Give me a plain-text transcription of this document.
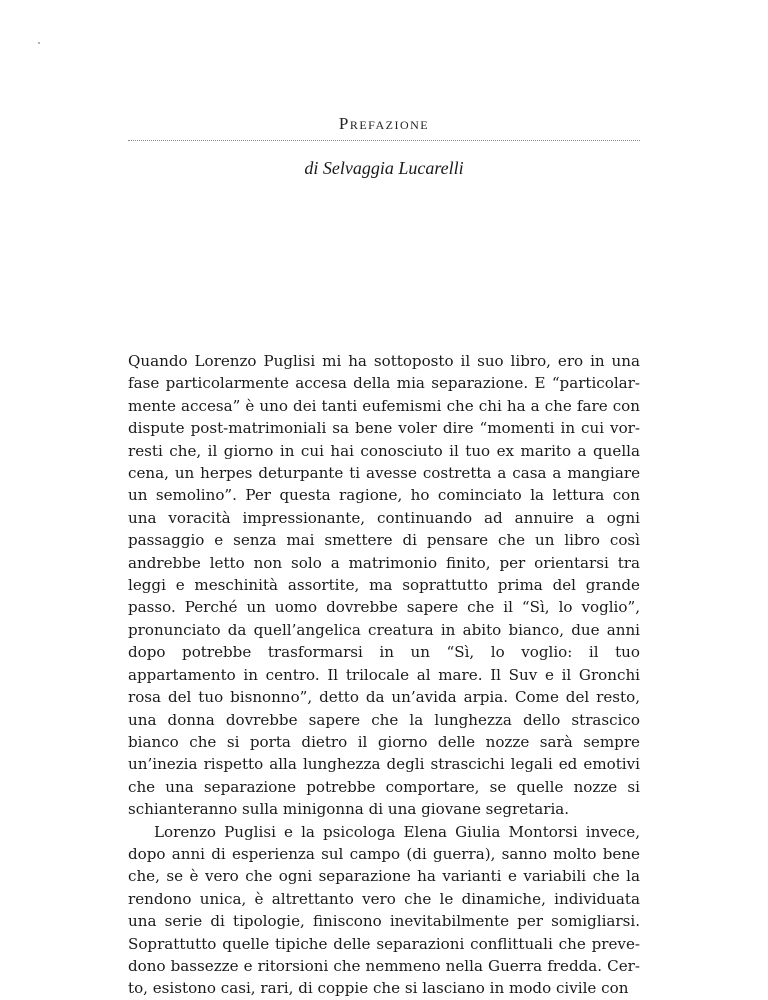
Prefazione
di Selvaggia Lucarelli

Quando Lorenzo Puglisi mi ha sottoposto il suo libro, ero in una fase particolarmente accesa della mia separazione. E “particolarmente accesa” è uno dei tanti eufemismi che chi ha a che fare con dispute post-matrimoniali sa bene voler dire “momenti in cui vorresti che, il giorno in cui hai conosciuto il tuo ex marito a quella cena, un herpes deturpante ti avesse costretta a casa a mangiare un semolino”. Per questa ragione, ho cominciato la lettura con una voracità impressionante, continuando ad annuire a ogni passaggio e senza mai smettere di pensare che un libro così andrebbe letto non solo a matrimonio finito, per orientarsi tra leggi e meschinità assortite, ma soprattutto prima del grande passo. Perché un uomo dovrebbe sapere che il “Sì, lo voglio”, pronunciato da quell’angelica creatura in abito bianco, due anni dopo potrebbe trasformarsi in un “Sì, lo voglio: il tuo appartamento in centro. Il trilocale al mare. Il Suv e il Gronchi rosa del tuo bisnonno”, detto da un’avida arpia. Come del resto, una donna dovrebbe sapere che la lunghezza dello strascico bianco che si porta dietro il giorno delle nozze sarà sempre un’inezia rispetto alla lunghezza degli strascichi legali ed emotivi che una separazione potrebbe comportare, se quelle nozze si schianteranno sulla minigonna di una giovane segretaria.

Lorenzo Puglisi e la psicologa Elena Giulia Montorsi invece, dopo anni di esperienza sul campo (di guerra), sanno molto bene che, se è vero che ogni separazione ha varianti e variabili che la rendono unica, è altrettanto vero che le dinamiche, individuata una serie di tipologie, finiscono inevitabilmente per somigliarsi. Soprattutto quelle tipiche delle separazioni conflittuali che prevedono bassezze e ritorsioni che nemmeno nella Guerra fredda. Certo, esistono casi, rari, di coppie che si lasciano in modo civile con
